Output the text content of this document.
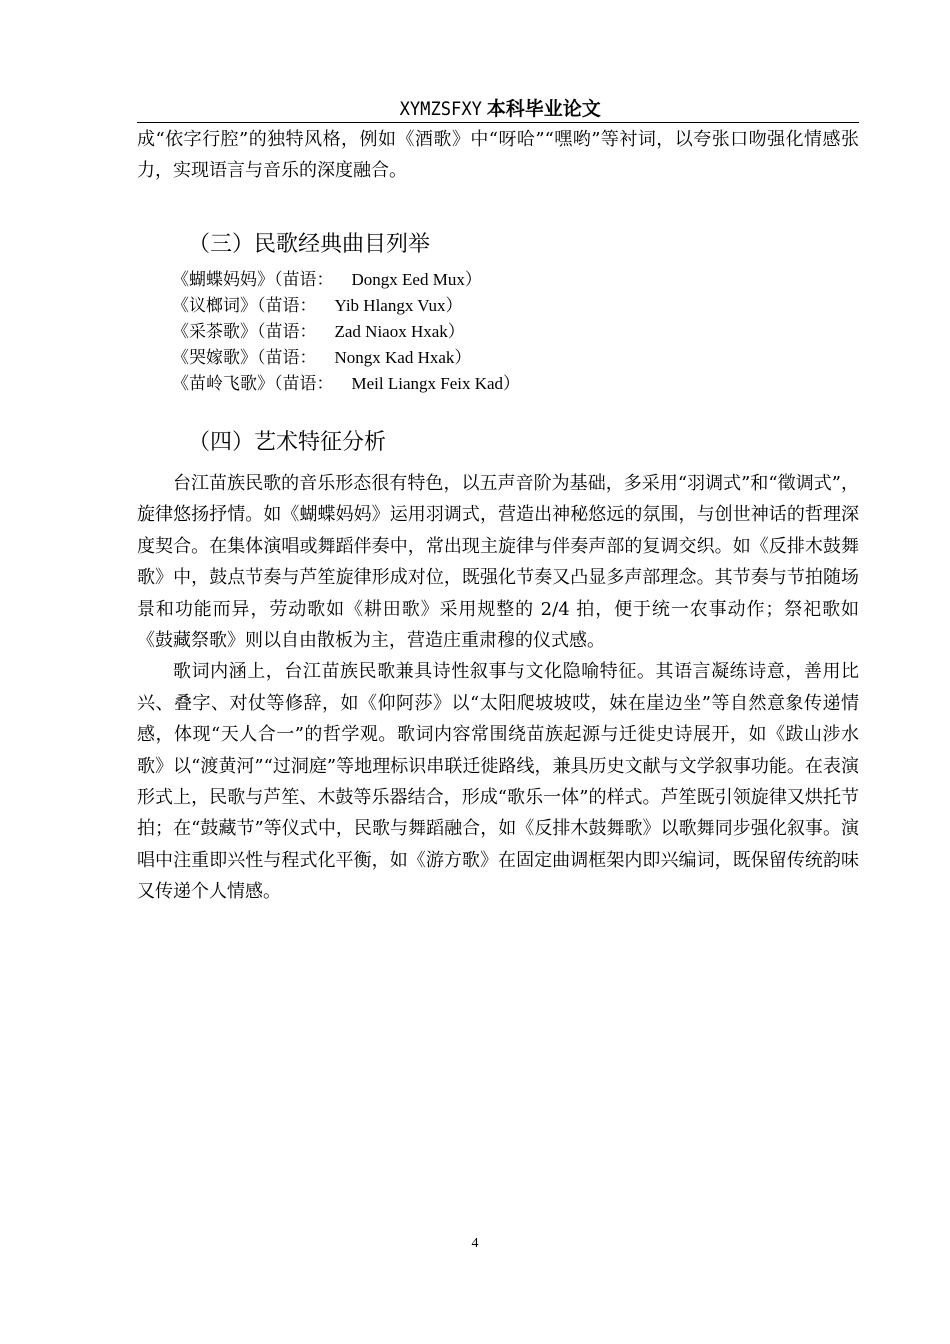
XYMZSFXY 本科毕业论文

成“依字行腔”的独特风格，例如《酒歌》中“呀哈”“嘿哟”等衬词，以夸张口吻强化情感张力，实现语言与音乐的深度融合。

（三）民歌经典曲目列举
《蝴蝶妈妈》（苗语： Dongx Eed Mux）
《议榔词》（苗语： Yib Hlangx Vux）
《采茶歌》（苗语： Zad Niaox Hxak）
《哭嫁歌》（苗语： Nongx Kad Hxak）
《苗岭飞歌》（苗语： Meil Liangx Feix Kad）
（四）艺术特征分析

台江苗族民歌的音乐形态很有特色，以五声音阶为基础，多采用“羽调式”和“徵调式”，旋律悠扬抒情。如《蝴蝶妈妈》运用羽调式，营造出神秘悠远的氛围，与创世神话的哲理深度契合。在集体演唱或舞蹈伴奏中，常出现主旋律与伴奏声部的复调交织。如《反排木鼓舞歌》中，鼓点节奏与芦笙旋律形成对位，既强化节奏又凸显多声部理念。其节奏与节拍随场景和功能而异，劳动歌如《耕田歌》采用规整的 2/4 拍，便于统一农事动作；祭祀歌如《鼓藏祭歌》则以自由散板为主，营造庄重肃穆的仪式感。

歌词内涵上，台江苗族民歌兼具诗性叙事与文化隐喻特征。其语言凝练诗意，善用比兴、叠字、对仗等修辞，如《仰阿莎》以“太阳爬坡坡哎，妹在崖边坐”等自然意象传递情感，体现“天人合一”的哲学观。歌词内容常围绕苗族起源与迁徙史诗展开，如《跋山涉水歌》以“渡黄河”“过洞庭”等地理标识串联迁徙路线，兼具历史文献与文学叙事功能。在表演形式上，民歌与芦笙、木鼓等乐器结合，形成“歌乐一体”的样式。芦笙既引领旋律又烘托节拍；在“鼓藏节”等仪式中，民歌与舞蹈融合，如《反排木鼓舞歌》以歌舞同步强化叙事。演唱中注重即兴性与程式化平衡，如《游方歌》在固定曲调框架内即兴编词，既保留传统韵味又传递个人情感。

4
